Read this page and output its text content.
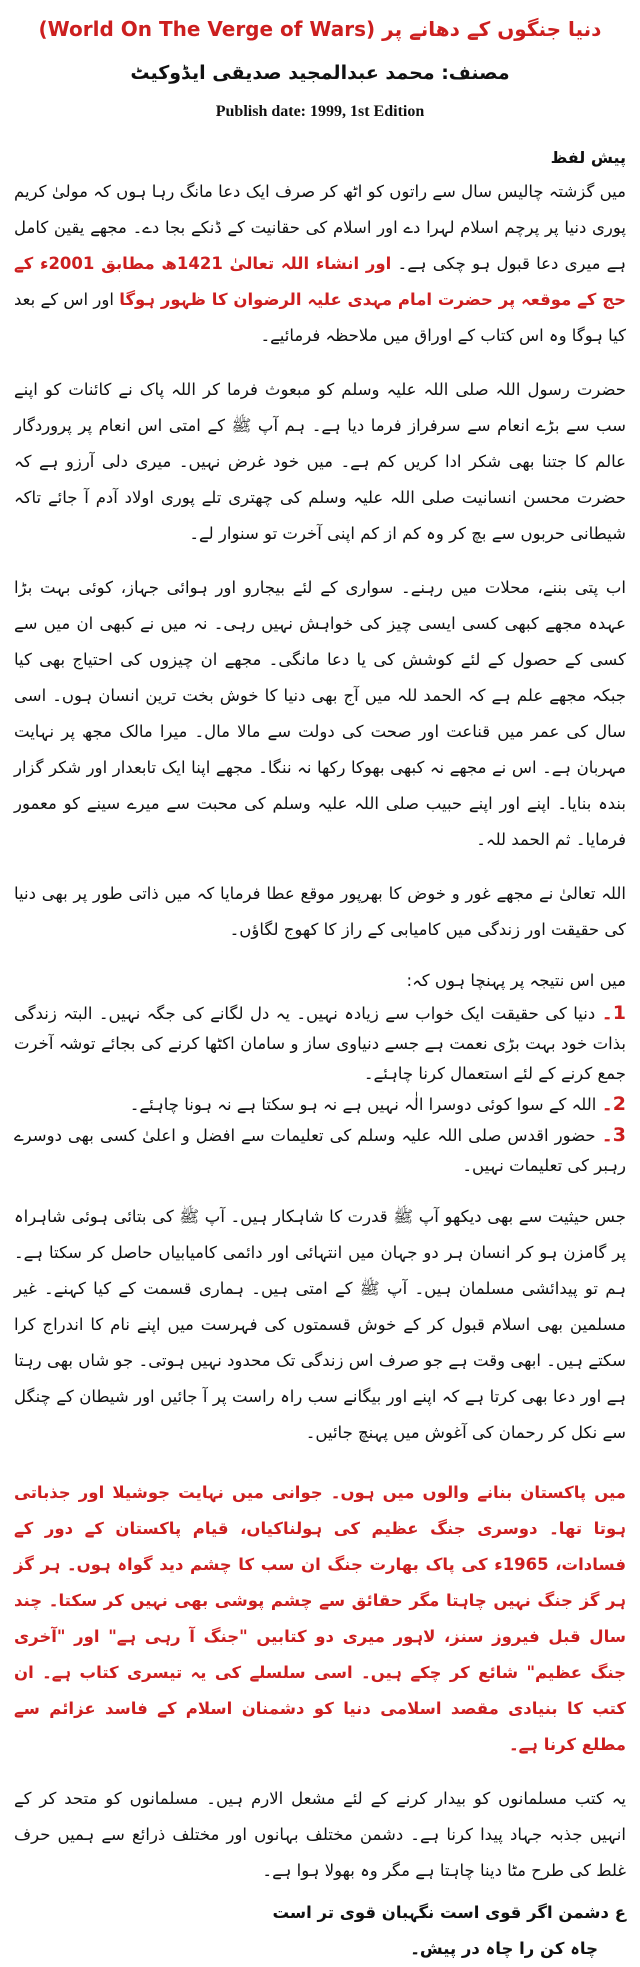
(World On The Verge of Wars) دنیا جنگوں کے دھانے پر
مصنف: محمد عبدالمجید صدیقی ایڈوکیٹ
Publish date: 1999, 1st Edition
پیش لفظ

میں گزشتہ چالیس سال سے راتوں کو اٹھ کر صرف ایک دعا مانگ رہا ہوں کہ مولیٰ کریم پوری دنیا پر پرچم اسلام لہرا دے اور اسلام کی حقانیت کے ڈنکے بجا دے۔ مجھے یقین کامل ہے میری دعا قبول ہو چکی ہے۔ اور انشاء اللہ تعالیٰ 1421ھ مطابق 2001ء کے حج کے موقعہ پر حضرت امام مہدی علیہ الرضوان کا ظہور ہوگا اور اس کے بعد کیا ہوگا وہ اس کتاب کے اوراق میں ملاحظہ فرمائیے۔

حضرت رسول اللہ صلی اللہ علیہ وسلم کو مبعوث فرما کر اللہ پاک نے کائنات کو اپنے سب سے بڑے انعام سے سرفراز فرما دیا ہے۔ ہم آپ ﷺ کے امتی اس انعام پر پروردگار عالم کا جتنا بھی شکر ادا کریں کم ہے۔ میں خود غرض نہیں۔ میری دلی آرزو ہے کہ حضرت محسن انسانیت صلی اللہ علیہ وسلم کی چھتری تلے پوری اولاد آدم آ جائے تاکہ شیطانی حربوں سے بچ کر وہ کم از کم اپنی آخرت تو سنوار لے۔

اب پتی بننے، محلات میں رہنے۔ سواری کے لئے بیجارو اور ہوائی جہاز، کوئی بہت بڑا عہدہ مجھے کبھی کسی ایسی چیز کی خواہش نہیں رہی۔ نہ میں نے کبھی ان میں سے کسی کے حصول کے لئے کوشش کی یا دعا مانگی۔ مجھے ان چیزوں کی احتیاج بھی کیا جبکہ مجھے علم ہے کہ الحمد للہ میں آج بھی دنیا کا خوش بخت ترین انسان ہوں۔ اسی سال کی عمر میں قناعت اور صحت کی دولت سے مالا مال۔ میرا مالک مجھ پر نہایت مہربان ہے۔ اس نے مجھے نہ کبھی بھوکا رکھا نہ ننگا۔ مجھے اپنا ایک تابعدار اور شکر گزار بندہ بنایا۔ اپنے اور اپنے حبیب صلی اللہ علیہ وسلم کی محبت سے میرے سینے کو معمور فرمایا۔ ثم الحمد للہ۔

اللہ تعالیٰ نے مجھے غور و خوض کا بھرپور موقع عطا فرمایا کہ میں ذاتی طور پر بھی دنیا کی حقیقت اور زندگی میں کامیابی کے راز کا کھوج لگاؤں۔

میں اس نتیجہ پر پہنچا ہوں کہ:
1۔ دنیا کی حقیقت ایک خواب سے زیادہ نہیں۔ یہ دل لگانے کی جگہ نہیں۔ البتہ زندگی بذات خود بہت بڑی نعمت ہے جسے دنیاوی ساز و سامان اکٹھا کرنے کی بجائے توشہ آخرت جمع کرنے کے لئے استعمال کرنا چاہئے۔
2۔ اللہ کے سوا کوئی دوسرا الٰہ نہیں ہے نہ ہو سکتا ہے نہ ہونا چاہئے۔
3۔ حضور اقدس صلی اللہ علیہ وسلم کی تعلیمات سے افضل و اعلیٰ کسی بھی دوسرے رہبر کی تعلیمات نہیں۔

جس حیثیت سے بھی دیکھو آپ ﷺ قدرت کا شاہکار ہیں۔ آپ ﷺ کی بتائی ہوئی شاہراہ پر گامزن ہو کر انسان ہر دو جہان میں انتہائی اور دائمی کامیابیاں حاصل کر سکتا ہے۔ ہم تو پیدائشی مسلمان ہیں۔ آپ ﷺ کے امتی ہیں۔ ہماری قسمت کے کیا کہنے۔ غیر مسلمین بھی اسلام قبول کر کے خوش قسمتوں کی فہرست میں اپنے نام کا اندراج کرا سکتے ہیں۔ ابھی وقت ہے جو صرف اس زندگی تک محدود نہیں ہوتی۔ جو شاں بھی رہتا ہے اور دعا بھی کرتا ہے کہ اپنے اور بیگانے سب راہ راست پر آ جائیں اور شیطان کے چنگل سے نکل کر رحمان کی آغوش میں پہنچ جائیں۔

میں پاکستان بنانے والوں میں ہوں۔ جوانی میں نہایت جوشیلا اور جذباتی ہوتا تھا۔ دوسری جنگ عظیم کی ہولناکیاں، قیام پاکستان کے دور کے فسادات، 1965ء کی پاک بھارت جنگ ان سب کا چشم دید گواہ ہوں۔ ہر گز ہر گز جنگ نہیں چاہتا مگر حقائق سے چشم پوشی بھی نہیں کر سکتا۔ چند سال قبل فیروز سنز، لاہور میری دو کتابیں "جنگ آ رہی ہے" اور "آخری جنگ عظیم" شائع کر چکے ہیں۔ اسی سلسلے کی یہ تیسری کتاب ہے۔ ان کتب کا بنیادی مقصد اسلامی دنیا کو دشمنان اسلام کے فاسد عزائم سے مطلع کرنا ہے۔

یہ کتب مسلمانوں کو بیدار کرنے کے لئے مشعل الارم ہیں۔ مسلمانوں کو متحد کر کے انہیں جذبہ جہاد پیدا کرنا ہے۔ دشمن مختلف بہانوں اور مختلف ذرائع سے ہمیں حرف غلط کی طرح مٹا دینا چاہتا ہے مگر وہ بھولا ہوا ہے۔

ع دشمن اگر قوی است نگہبان قوی تر است
چاہ کن را چاہ در پیش۔
